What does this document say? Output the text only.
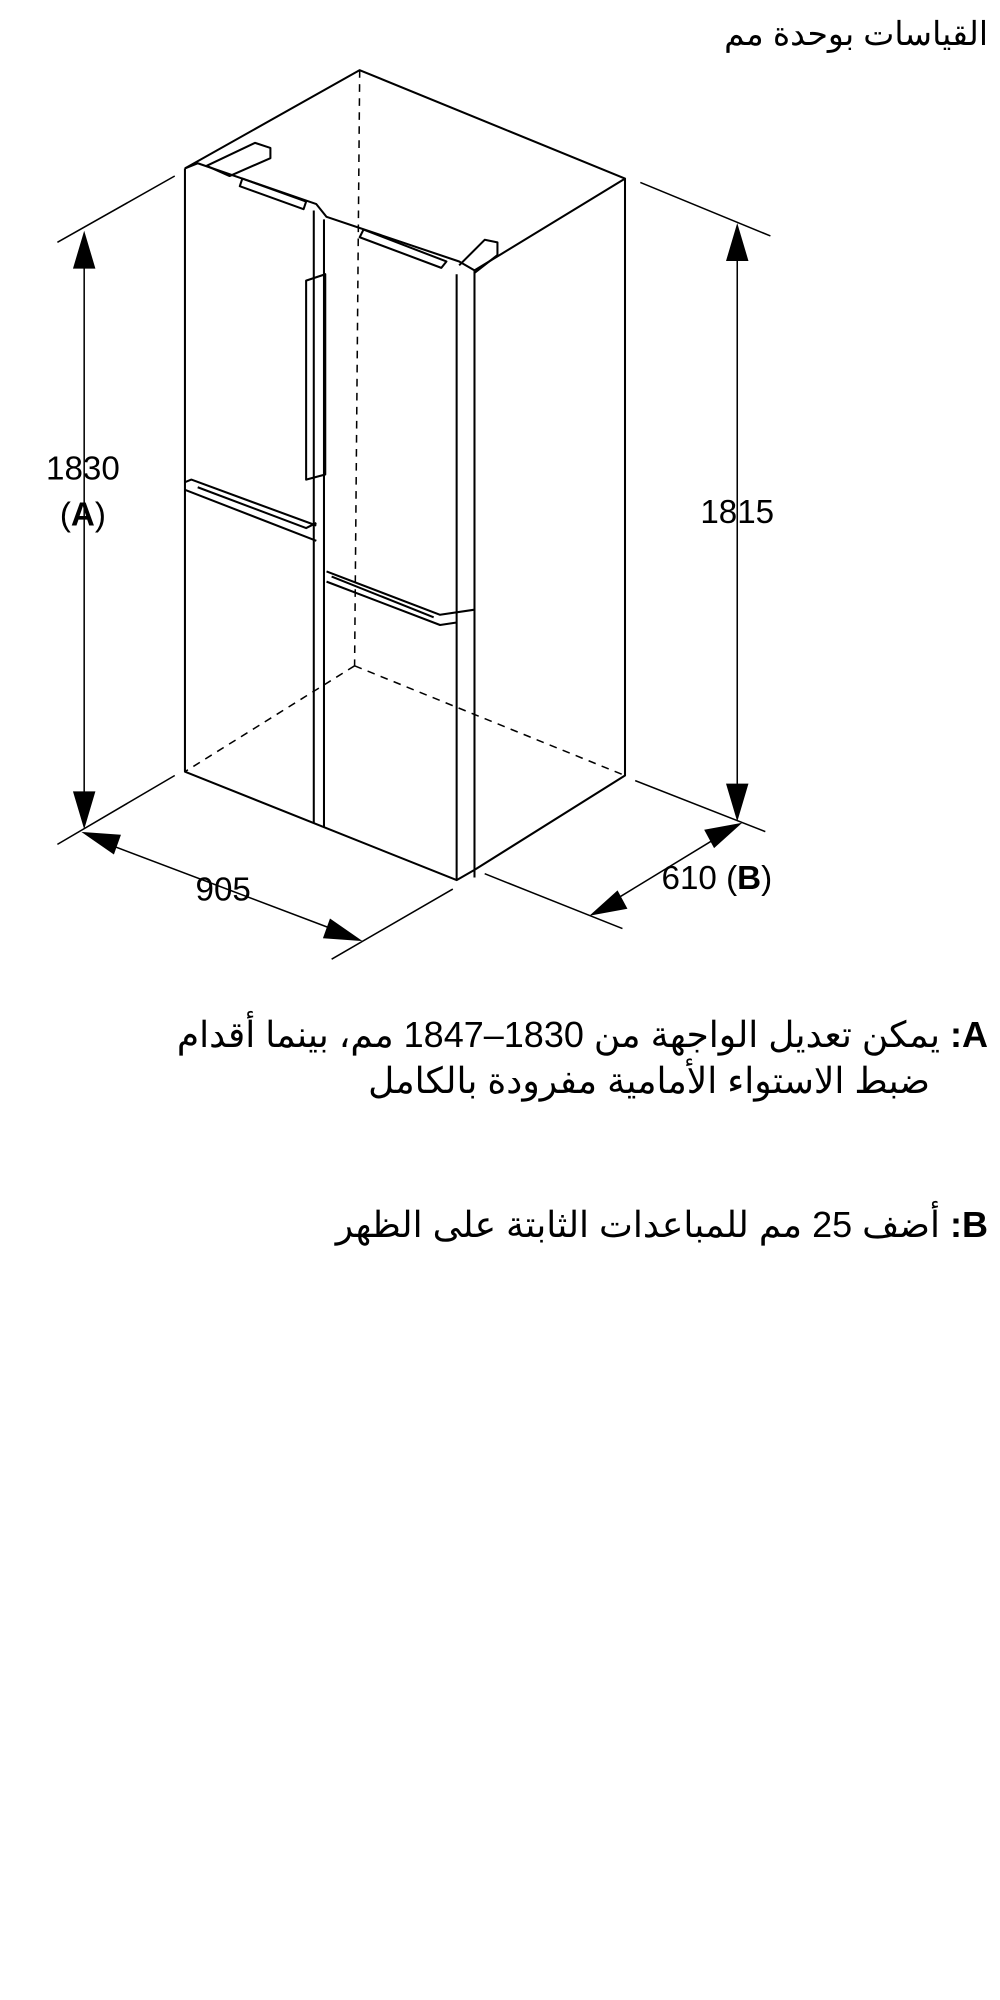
القياسات بوحدة مم
1830
(A)	1815
905	610 (B)
A: يمكن تعديل الواجهة من 1830–1847 مم، بينما أقدام
ضبط الاستواء الأمامية مفرودة بالكامل
B: أضف 25 مم للمباعدات الثابتة على الظهر
